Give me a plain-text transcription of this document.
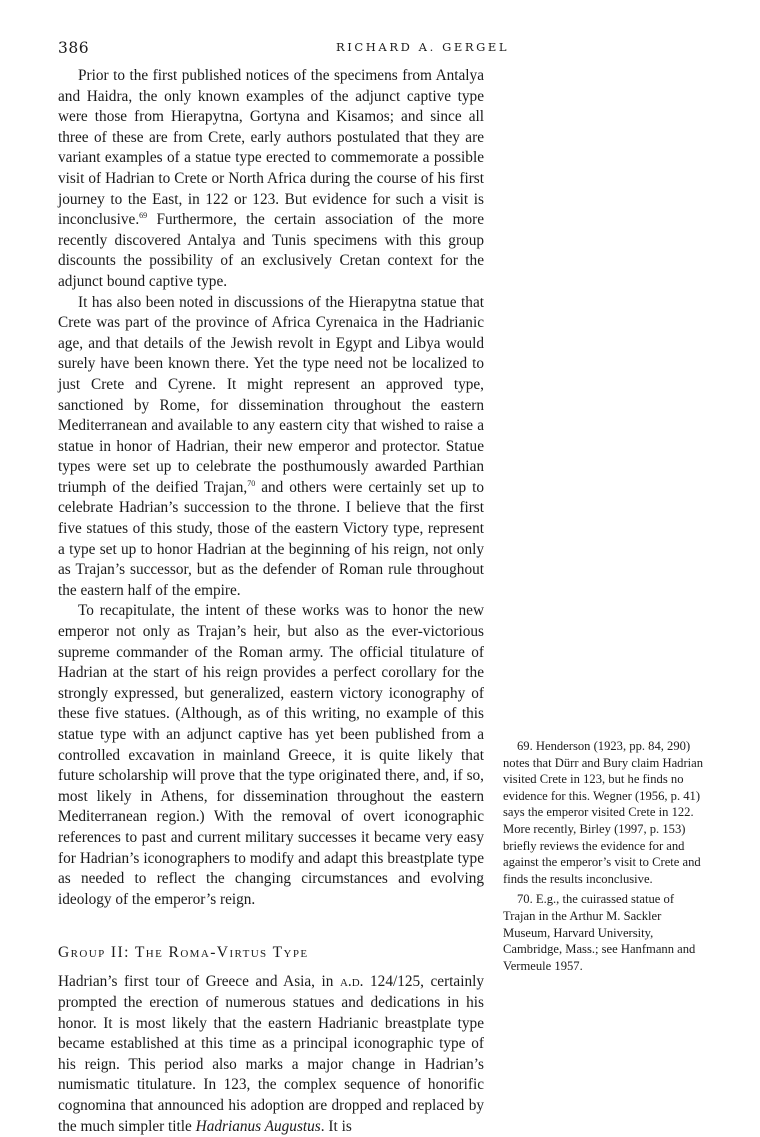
386	RICHARD A. GERGEL

Prior to the first published notices of the specimens from Antalya and Haidra, the only known examples of the adjunct captive type were those from Hierapytna, Gortyna and Kisamos; and since all three of these are from Crete, early authors postulated that they are variant examples of a statue type erected to commemorate a possible visit of Hadrian to Crete or North Africa during the course of his first journey to the East, in 122 or 123. But evidence for such a visit is inconclusive.$^{69}$ Furthermore, the certain association of the more recently discovered Antalya and Tunis specimens with this group discounts the possibility of an exclusively Cretan context for the adjunct bound captive type.

It has also been noted in discussions of the Hierapytna statue that Crete was part of the province of Africa Cyrenaica in the Hadrianic age, and that details of the Jewish revolt in Egypt and Libya would surely have been known there. Yet the type need not be localized to just Crete and Cyrene. It might represent an approved type, sanctioned by Rome, for dissemination throughout the eastern Mediterranean and available to any eastern city that wished to raise a statue in honor of Hadrian, their new emperor and protector. Statue types were set up to celebrate the posthumously awarded Parthian triumph of the deified Trajan,$^{70}$ and others were certainly set up to celebrate Hadrian’s succession to the throne. I believe that the first five statues of this study, those of the eastern Victory type, represent a type set up to honor Hadrian at the beginning of his reign, not only as Trajan’s successor, but as the defender of Roman rule throughout the eastern half of the empire.

To recapitulate, the intent of these works was to honor the new emperor not only as Trajan’s heir, but also as the ever-victorious supreme commander of the Roman army. The official titulature of Hadrian at the start of his reign provides a perfect corollary for the strongly expressed, but generalized, eastern victory iconography of these five statues. (Although, as of this writing, no example of this statue type with an adjunct captive has yet been published from a controlled excavation in mainland Greece, it is quite likely that future scholarship will prove that the type originated there, and, if so, most likely in Athens, for dissemination throughout the eastern Mediterranean region.) With the removal of overt iconographic references to past and current military successes it became very easy for Hadrian’s iconographers to modify and adapt this breastplate type as needed to reflect the changing circumstances and evolving ideology of the emperor’s reign.

Group II: The Roma-Virtus Type

Hadrian’s first tour of Greece and Asia, in a.d. 124/125, certainly prompted the erection of numerous statues and dedications in his honor. It is most likely that the eastern Hadrianic breastplate type became established at this time as a principal iconographic type of his reign. This period also marks a major change in Hadrian’s numismatic titulature. In 123, the complex sequence of honorific cognomina that announced his adoption are dropped and replaced by the much simpler title Hadrianus Augustus. It is

69. Henderson (1923, pp. 84, 290) notes that Dürr and Bury claim Hadrian visited Crete in 123, but he finds no evidence for this. Wegner (1956, p. 41) says the emperor visited Crete in 122. More recently, Birley (1997, p. 153) briefly reviews the evidence for and against the emperor’s visit to Crete and finds the results inconclusive.

70. E.g., the cuirassed statue of Trajan in the Arthur M. Sackler Museum, Harvard University, Cambridge, Mass.; see Hanfmann and Vermeule 1957.
